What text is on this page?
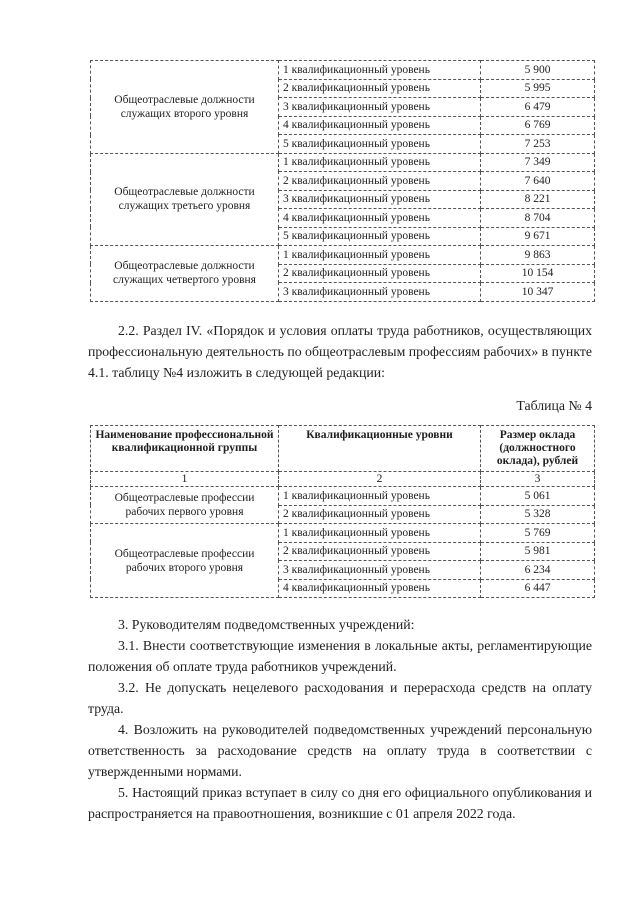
Общеотраслевые должности служащих второго уровня	1 квалификационный уровень	5 900
	2 квалификационный уровень	5 995
	3 квалификационный уровень	6 479
	4 квалификационный уровень	6 769
	5 квалификационный уровень	7 253
Общеотраслевые должности служащих третьего уровня	1 квалификационный уровень	7 349
	2 квалификационный уровень	7 640
	3 квалификационный уровень	8 221
	4 квалификационный уровень	8 704
	5 квалификационный уровень	9 671
Общеотраслевые должности служащих четвертого уровня	1 квалификационный уровень	9 863
	2 квалификационный уровень	10 154
	3 квалификационный уровень	10 347

2.2. Раздел IV. «Порядок и условия оплаты труда работников, осуществляющих профессиональную деятельность по общеотраслевым профессиям рабочих» в пункте 4.1. таблицу №4 изложить в следующей редакции:

Таблица № 4
Наименование профессиональной квалификационной группы	Квалификационные уровни	Размер оклада (должностного оклада), рублей
1	2	3
Общеотраслевые профессии рабочих первого уровня	1 квалификационный уровень	5 061
	2 квалификационный уровень	5 328
Общеотраслевые профессии рабочих второго уровня	1 квалификационный уровень	5 769
	2 квалификационный уровень	5 981
	3 квалификационный уровень	6 234
	4 квалификационный уровень	6 447

3. Руководителям подведомственных учреждений:

3.1. Внести соответствующие изменения в локальные акты, регламентирующие положения об оплате труда работников учреждений.

3.2. Не допускать нецелевого расходования и перерасхода средств на оплату труда.

4. Возложить на руководителей подведомственных учреждений персональную ответственность за расходование средств на оплату труда в соответствии с утвержденными нормами.

5. Настоящий приказ вступает в силу со дня его официального опубликования и распространяется на правоотношения, возникшие с 01 апреля 2022 года.
